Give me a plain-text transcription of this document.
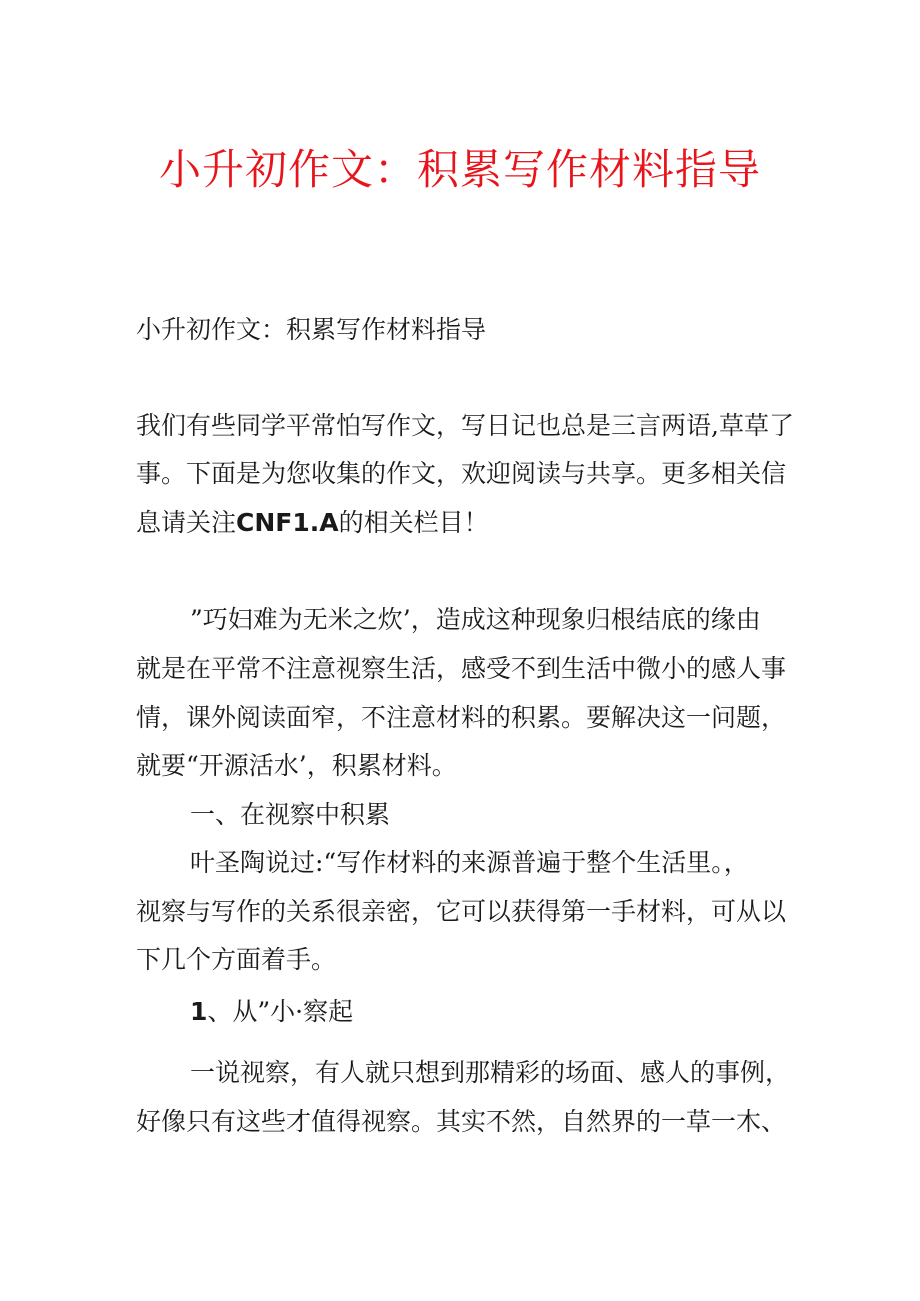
小升初作文：积累写作材料指导
小升初作文：积累写作材料指导
我们有些同学平常怕写作文，写日记也总是三言两语,草草了
事。下面是为您收集的作文，欢迎阅读与共享。更多相关信
息请关注CNF1.A的相关栏目！
”巧妇难为无米之炊’，造成这种现象归根结底的缘由
就是在平常不注意视察生活，感受不到生活中微小的感人事
情，课外阅读面窄，不注意材料的积累。要解决这一问题，
就要“开源活水’，积累材料。
一、在视察中积累
叶圣陶说过:“写作材料的来源普遍于整个生活里。，
视察与写作的关系很亲密，它可以获得第一手材料，可从以
下几个方面着手。
1、从”小·察起
一说视察，有人就只想到那精彩的场面、感人的事例，
好像只有这些才值得视察。其实不然，自然界的一草一木、
